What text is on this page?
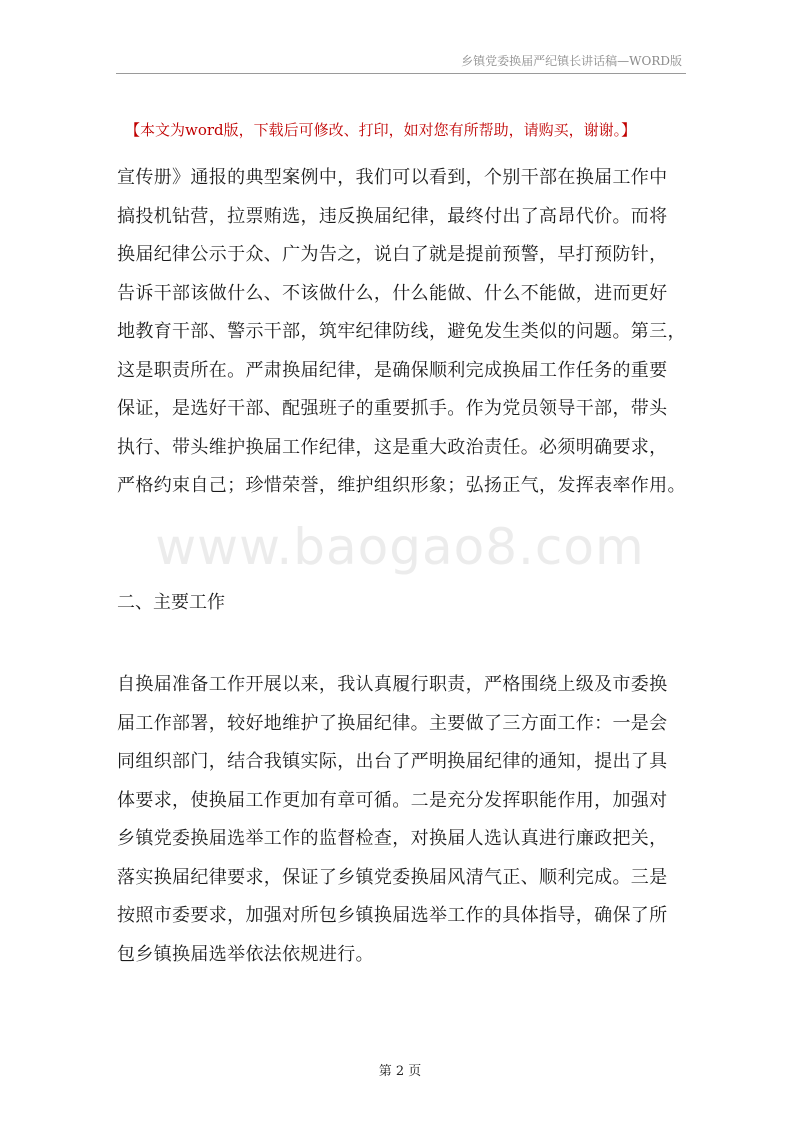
乡镇党委换届严纪镇长讲话稿—WORD版
【本文为word版，下载后可修改、打印，如对您有所帮助，请购买，谢谢。】
宣传册》通报的典型案例中，我们可以看到，个别干部在换届工作中
搞投机钻营，拉票贿选，违反换届纪律，最终付出了高昂代价。而将
换届纪律公示于众、广为告之，说白了就是提前预警，早打预防针，
告诉干部该做什么、不该做什么，什么能做、什么不能做，进而更好
地教育干部、警示干部，筑牢纪律防线，避免发生类似的问题。第三，
这是职责所在。严肃换届纪律，是确保顺利完成换届工作任务的重要
保证，是选好干部、配强班子的重要抓手。作为党员领导干部，带头
执行、带头维护换届工作纪律，这是重大政治责任。必须明确要求，
严格约束自己；珍惜荣誉，维护组织形象；弘扬正气，发挥表率作用。
www.baogao8.com
二、主要工作
自换届准备工作开展以来，我认真履行职责，严格围绕上级及市委换
届工作部署，较好地维护了换届纪律。主要做了三方面工作：一是会
同组织部门，结合我镇实际，出台了严明换届纪律的通知，提出了具
体要求，使换届工作更加有章可循。二是充分发挥职能作用，加强对
乡镇党委换届选举工作的监督检查，对换届人选认真进行廉政把关，
落实换届纪律要求，保证了乡镇党委换届风清气正、顺利完成。三是
按照市委要求，加强对所包乡镇换届选举工作的具体指导，确保了所
包乡镇换届选举依法依规进行。
第 2 页
